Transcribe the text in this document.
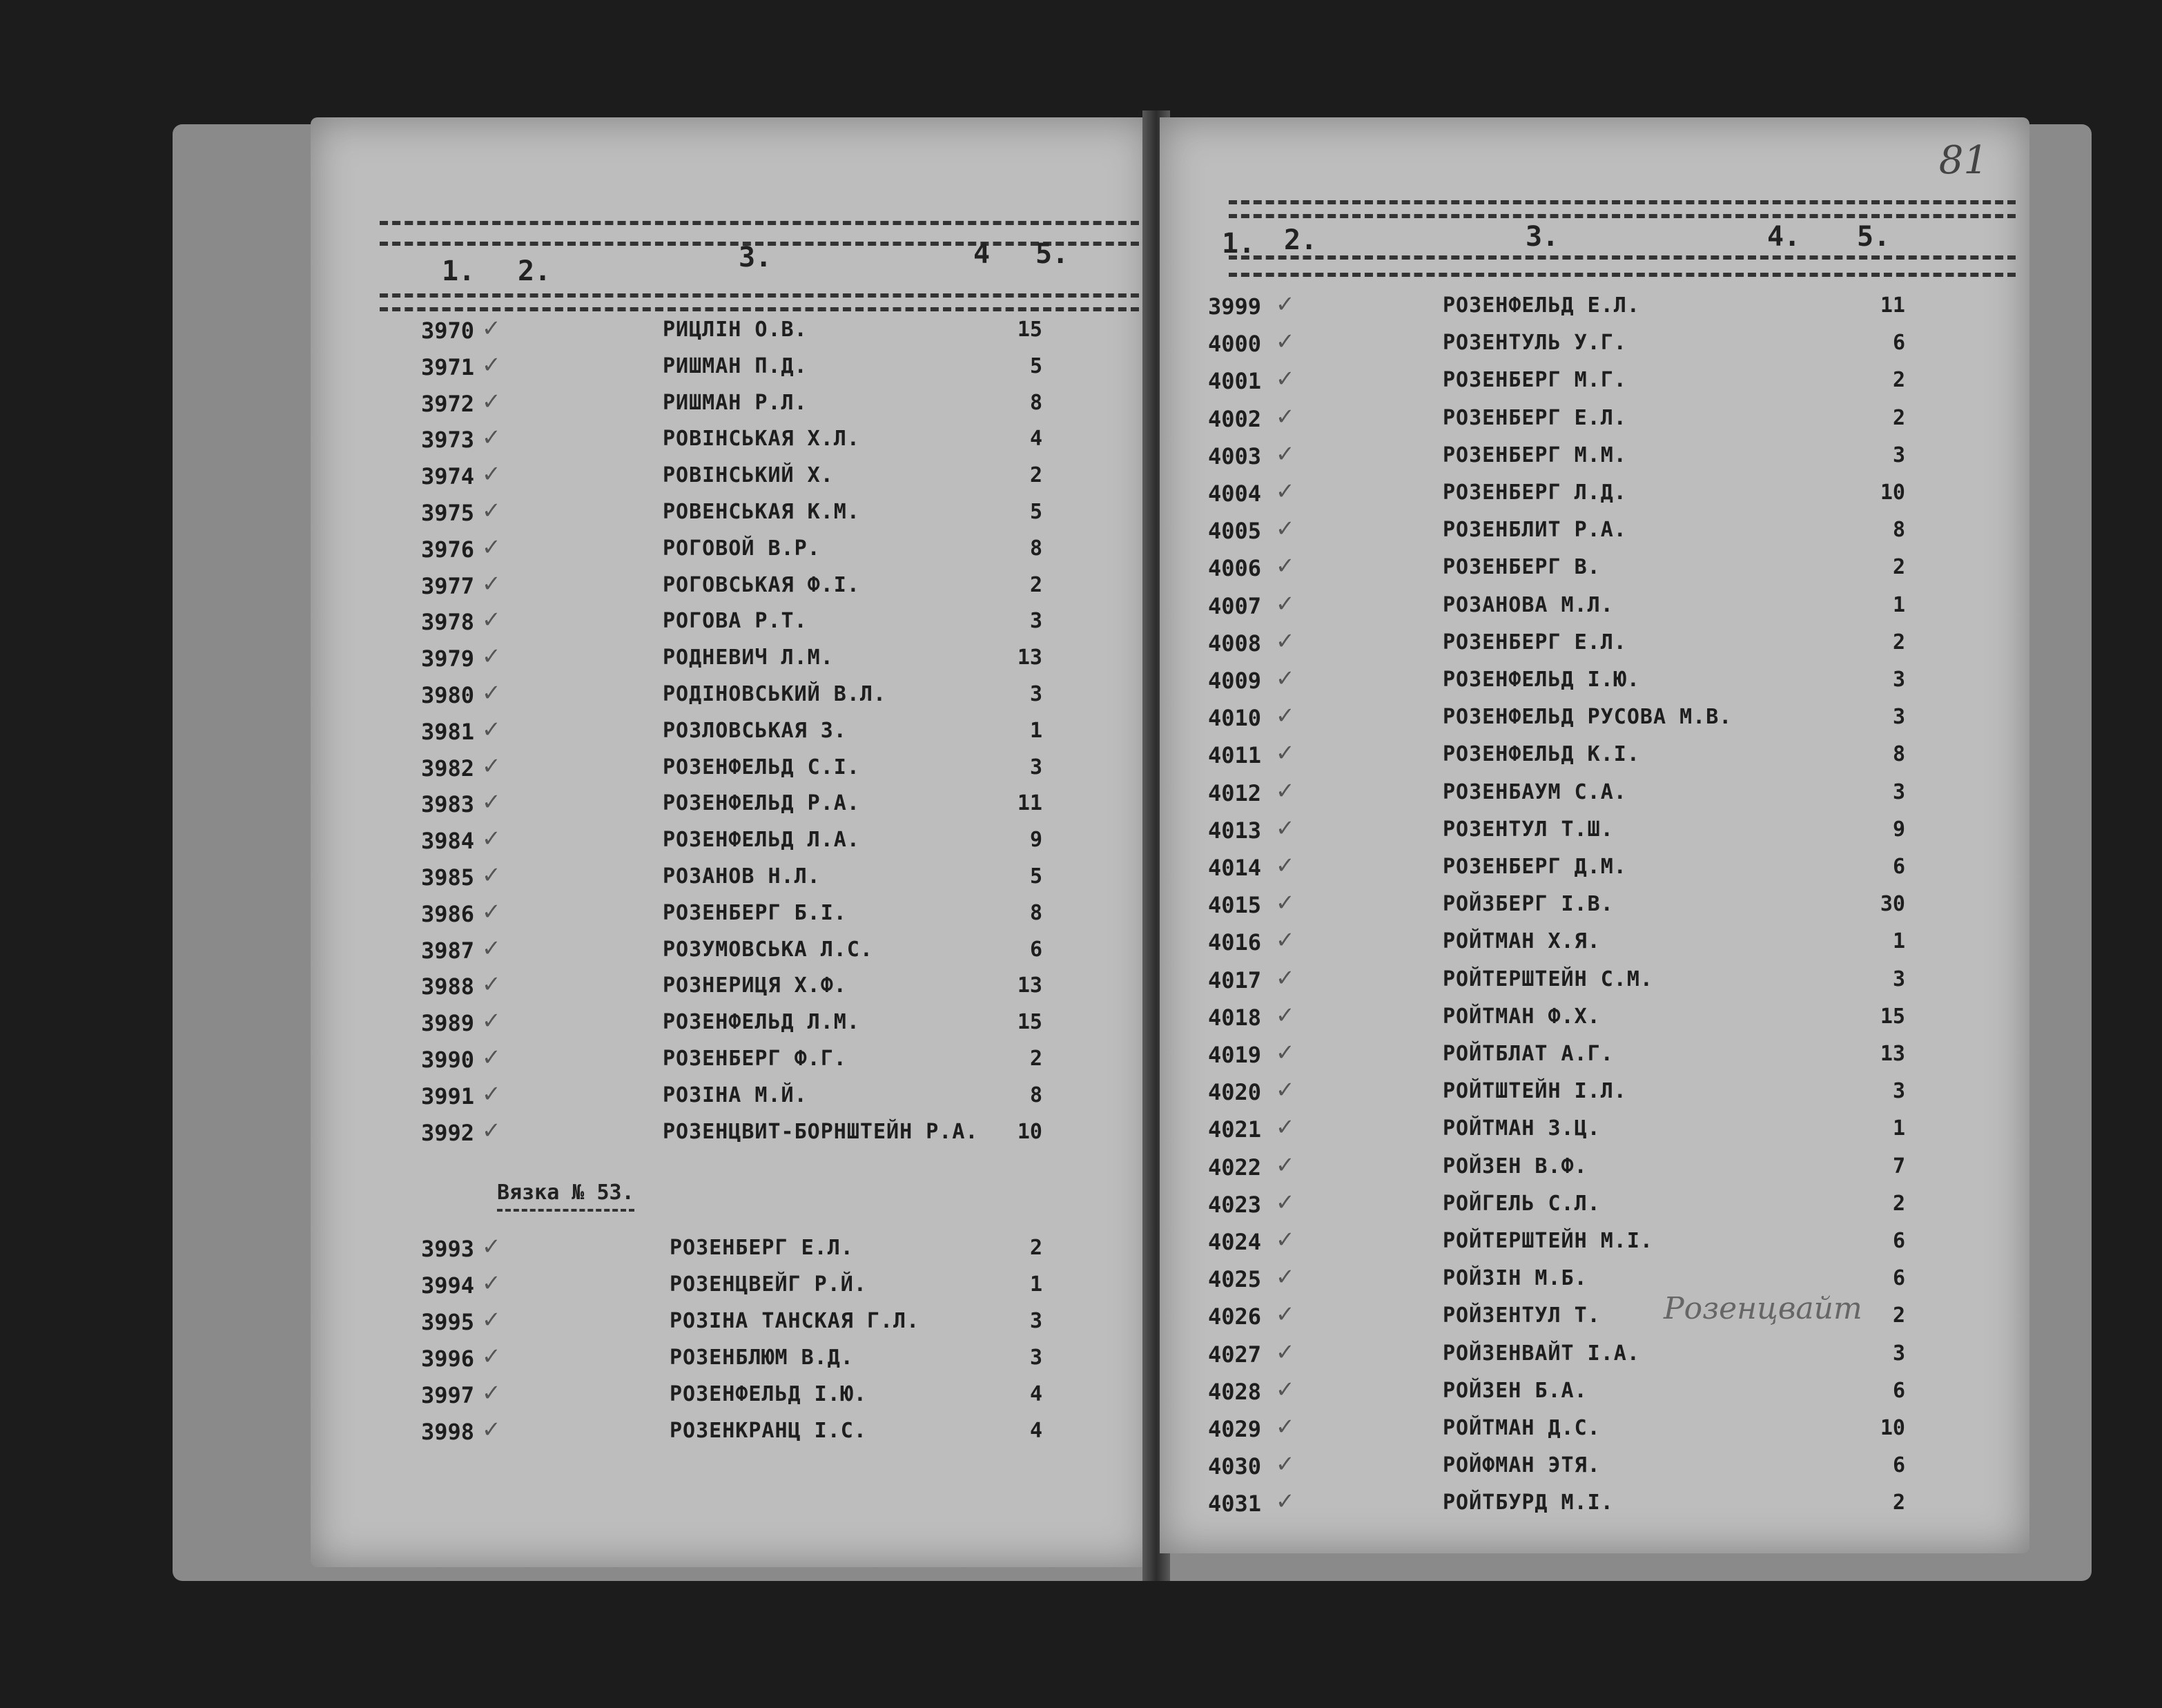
1. 2.	3.	4 5.
Вязка № 53.
3970 ✓	РИЦЛІН О.В.	15
3971 ✓	РИШМАН П.Д.	5
3972 ✓	РИШМАН Р.Л.	8
3973 ✓	РОВІНСЬКАЯ Х.Л.	4
3974 ✓	РОВІНСЬКИЙ Х.	2
3975 ✓	РОВЕНСЬКАЯ К.М.	5
3976 ✓	РОГОВОЙ В.Р.	8
3977 ✓	РОГОВСЬКАЯ Ф.І.	2
3978 ✓	РОГОВА Р.Т.	3
3979 ✓	РОДНЕВИЧ Л.М.	13
3980 ✓	РОДІНОВСЬКИЙ В.Л.	3
3981 ✓	РОЗЛОВСЬКАЯ З.	1
3982 ✓	РОЗЕНФЕЛЬД С.І.	3
3983 ✓	РОЗЕНФЕЛЬД Р.А.	11
3984 ✓	РОЗЕНФЕЛЬД Л.А.	9
3985 ✓	РОЗАНОВ Н.Л.	5
3986 ✓	РОЗЕНБЕРГ Б.І.	8
3987 ✓	РОЗУМОВСЬКА Л.С.	6
3988 ✓	РОЗНЕРИЦЯ Х.Ф.	13
3989 ✓	РОЗЕНФЕЛЬД Л.М.	15
3990 ✓	РОЗЕНБЕРГ Ф.Г.	2
3991 ✓	РОЗІНА М.Й.	8
3992 ✓	РОЗЕНЦВИТ-БОРНШТЕЙН Р.А.	10
3993 ✓	РОЗЕНБЕРГ Е.Л.	2
3994 ✓	РОЗЕНЦВЕЙГ Р.Й.	1
3995 ✓	РОЗІНА ТАНСКАЯ Г.Л.	3
3996 ✓	РОЗЕНБЛЮМ В.Д.	3
3997 ✓	РОЗЕНФЕЛЬД І.Ю.	4
3998 ✓	РОЗЕНКРАНЦ І.С.	4
81
1. 2.	3.	4. 5.
Розенцвайт
3999 ✓	РОЗЕНФЕЛЬД Е.Л.	11
4000 ✓	РОЗЕНТУЛЬ У.Г.	6
4001 ✓	РОЗЕНБЕРГ М.Г.	2
4002 ✓	РОЗЕНБЕРГ Е.Л.	2
4003 ✓	РОЗЕНБЕРГ М.М.	3
4004 ✓	РОЗЕНБЕРГ Л.Д.	10
4005 ✓	РОЗЕНБЛИТ Р.А.	8
4006 ✓	РОЗЕНБЕРГ В.	2
4007 ✓	РОЗАНОВА М.Л.	1
4008 ✓	РОЗЕНБЕРГ Е.Л.	2
4009 ✓	РОЗЕНФЕЛЬД І.Ю.	3
4010 ✓	РОЗЕНФЕЛЬД РУСОВА М.В.	3
4011 ✓	РОЗЕНФЕЛЬД К.І.	8
4012 ✓	РОЗЕНБАУМ С.А.	3
4013 ✓	РОЗЕНТУЛ Т.Ш.	9
4014 ✓	РОЗЕНБЕРГ Д.М.	6
4015 ✓	РОЙЗБЕРГ І.В.	30
4016 ✓	РОЙТМАН Х.Я.	1
4017 ✓	РОЙТЕРШТЕЙН С.М.	3
4018 ✓	РОЙТМАН Ф.Х.	15
4019 ✓	РОЙТБЛАТ А.Г.	13
4020 ✓	РОЙТШТЕЙН І.Л.	3
4021 ✓	РОЙТМАН З.Ц.	1
4022 ✓	РОЙЗЕН В.Ф.	7
4023 ✓	РОЙГЕЛЬ С.Л.	2
4024 ✓	РОЙТЕРШТЕЙН М.І.	6
4025 ✓	РОЙЗІН М.Б.	6
4026 ✓	РОЙЗЕНТУЛ Т.	2
4027 ✓	РОЙЗЕНВАЙТ І.А.	3
4028 ✓	РОЙЗЕН Б.А.	6
4029 ✓	РОЙТМАН Д.С.	10
4030 ✓	РОЙФМАН ЭТЯ.	6
4031 ✓	РОЙТБУРД М.І.	2
